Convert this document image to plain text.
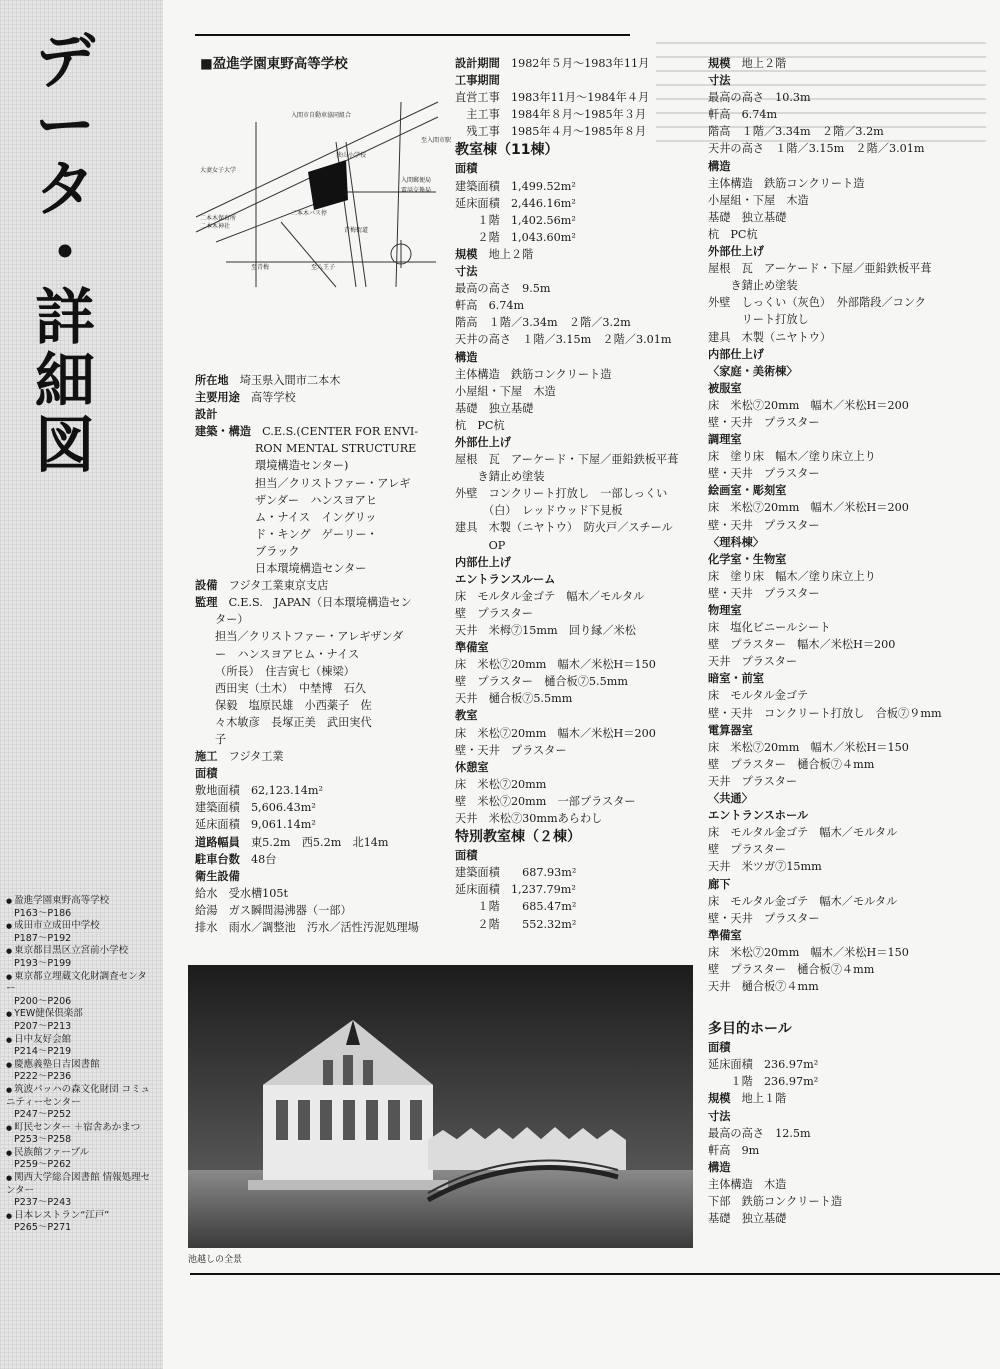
デ
ー
タ
・
詳
細
図
● 盈進学園東野高等学校
P163〜P186
● 成田市立成田中学校
P187〜P192
● 東京都目黒区立宮前小学校
P193〜P199
● 東京都立埋蔵文化財調査センター
P200〜P206
● YEW健保倶楽部
P207〜P213
● 日中友好会館
P214〜P219
● 慶應義塾日吉図書館
P222〜P236
● 筑波パッハの森文化財団 コミュニティーセンター
P247〜P252
● 町民センター ＋宿舎あかまつ
P253〜P258
● 民族館ファーブル
P259〜P262
● 関西大学総合図書館 情報処理センター
P237〜P243
● 日本レストラン“江戸”
P265〜P271
■盈進学園東野高等学校
入間市自動車協同組合
至入間市駅
狭山小学校
大妻女子大学
入間郵便局
電話交換局
二本木保育所
二本木神社
二本木バス停
至青梅	至八王子
青梅街道
所在地　埼玉県入間市二本木
主要用途　高等学校
設計
建築・構造　C.E.S.(CENTER FOR ENVI-
RON MENTAL STRUCTURE
環境構造センター)
担当／クリストファー・アレギ
ザンダー　ハンスヨアヒ
ム・ナイス　イングリッ
ド・キング　ゲーリー・
ブラック
日本環境構造センター
設備　フジタ工業東京支店
監理　C.E.S.　JAPAN（日本環境構造セン
ター）
担当／クリストファー・アレギザンダ
ー　ハンスヨアヒム・ナイス
（所長）　住吉寅七（棟梁）
西田実（土木）　中埜博　石久
保毅　塩原民雄　小西薬子　佐
々木敏彦　長塚正美　武田実代
子
施工　フジタ工業
面積
敷地面積　62,123.14m²
建築面積　5,606.43m²
延床面積　9,061.14m²
道路幅員　東5.2m　西5.2m　北14m
駐車台数　48台
衛生設備
給水　受水槽105t
給湯　ガス瞬間湯沸器（一部）
排水　雨水／調整池　汚水／活性汚泥処理場
設計期間　1982年５月〜1983年11月
工事期間
直営工事　1983年11月〜1984年４月
　主工事　1984年８月〜1985年３月
　残工事　1985年４月〜1985年８月
教室棟（11棟）
面積
建築面積　1,499.52m²
延床面積　2,446.16m²
　　１階　1,402.56m²
　　２階　1,043.60m²
規模　地上２階
寸法
最高の高さ　9.5m
軒高　6.74m
階高　１階／3.34m　２階／3.2m
天井の高さ　１階／3.15m　２階／3.01m
構造
主体構造　鉄筋コンクリート造
小屋組・下屋　木造
基礎　独立基礎
杭　PC杭
外部仕上げ
屋根　瓦　アーケード・下屋／亜鉛鉄板平葺
　　き錆止め塗装
外壁　コンクリート打放し　一部しっくい
　　　（白）　レッドウッド下見板
建具　木製（ニヤトウ）　防火戸／スチール
　　　OP
内部仕上げ
エントランスルーム
床　モルタル金ゴテ　幅木／モルタル
壁　プラスター
天井　米栂⑦15mm　回り縁／米松
準備室
床　米松⑦20mm　幅木／米松H＝150
壁　プラスター　樋合板⑦5.5mm
天井　樋合板⑦5.5mm
教室
床　米松⑦20mm　幅木／米松H＝200
壁・天井　プラスター
休憩室
床　米松⑦20mm
壁　米松⑦20mm　一部プラスター
天井　米松⑦30mmあらわし
特別教室棟（２棟）
面積
建築面積　　687.93m²
延床面積　1,237.79m²
　　１階　　685.47m²
　　２階　　552.32m²
規模　地上２階
寸法
最高の高さ　10.3m
軒高　6.74m
階高　１階／3.34m　２階／3.2m
天井の高さ　１階／3.15m　２階／3.01m
構造
主体構造　鉄筋コンクリート造
小屋組・下屋　木造
基礎　独立基礎
杭　PC杭
外部仕上げ
屋根　瓦　アーケード・下屋／亜鉛鉄板平葺
　　き錆止め塗装
外壁　しっくい（灰色）　外部階段／コンク
　　　リート打放し
建具　木製（ニヤトウ）
内部仕上げ
〈家庭・美術棟〉
被服室
床　米松⑦20mm　幅木／米松H＝200
壁・天井　プラスター
調理室
床　塗り床　幅木／塗り床立上り
壁・天井　プラスター
絵画室・彫刻室
床　米松⑦20mm　幅木／米松H＝200
壁・天井　プラスター
〈理科棟〉
化学室・生物室
床　塗り床　幅木／塗り床立上り
壁・天井　プラスター
物理室
床　塩化ビニールシート
壁　プラスター　幅木／米松H＝200
天井　プラスター
暗室・前室
床　モルタル金ゴテ
壁・天井　コンクリート打放し　合板⑦９mm
電算器室
床　米松⑦20mm　幅木／米松H＝150
壁　プラスター　樋合板⑦４mm
天井　プラスター
〈共通〉
エントランスホール
床　モルタル金ゴテ　幅木／モルタル
壁　プラスター
天井　米ツガ⑦15mm
廊下
床　モルタル金ゴテ　幅木／モルタル
壁・天井　プラスター
準備室
床　米松⑦20mm　幅木／米松H＝150
壁　プラスター　樋合板⑦４mm
天井　樋合板⑦４mm
多目的ホール
面積
延床面積　236.97m²
　　１階　236.97m²
規模　地上１階
寸法
最高の高さ　12.5m
軒高　9m
構造
主体構造　木造
下部　鉄筋コンクリート造
基礎　独立基礎
池越しの全景
